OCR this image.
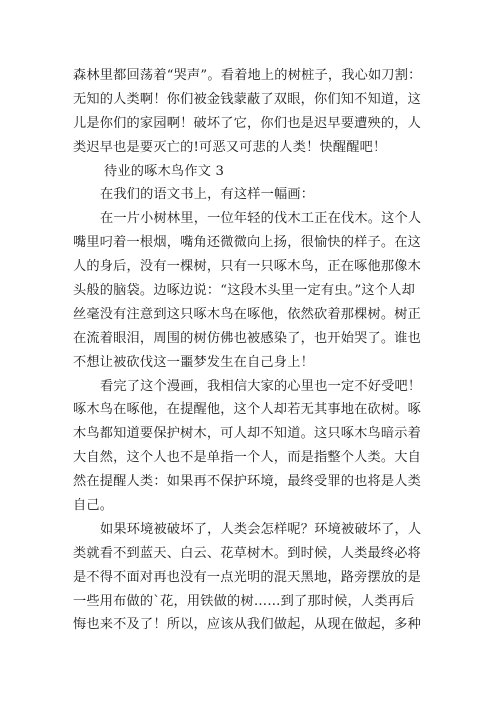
森林里都回荡着“哭声”。看着地上的树桩子，我心如刀割：
无知的人类啊！你们被金钱蒙蔽了双眼，你们知不知道，这
儿是你们的家园啊！破坏了它，你们也是迟早要遭殃的，人
类迟早也是要灭亡的!可恶又可悲的人类！快醒醒吧！
待业的啄木鸟作文 3
在我们的语文书上，有这样一幅画：
在一片小树林里，一位年轻的伐木工正在伐木。这个人
嘴里叼着一根烟，嘴角还微微向上扬，很愉快的样子。在这
人的身后，没有一棵树，只有一只啄木鸟，正在啄他那像木
头般的脑袋。边啄边说：“这段木头里一定有虫。”这个人却
丝毫没有注意到这只啄木鸟在啄他，依然砍着那棵树。树正
在流着眼泪，周围的树仿佛也被感染了，也开始哭了。谁也
不想让被砍伐这一噩梦发生在自己身上！
看完了这个漫画，我相信大家的心里也一定不好受吧！
啄木鸟在啄他，在提醒他，这个人却若无其事地在砍树。啄
木鸟都知道要保护树木，可人却不知道。这只啄木鸟暗示着
大自然，这个人也不是单指一个人，而是指整个人类。大自
然在提醒人类：如果再不保护环境，最终受罪的也将是人类
自己。
如果环境被破坏了，人类会怎样呢？环境被破坏了，人
类就看不到蓝天、白云、花草树木。到时候，人类最终必将
是不得不面对再也没有一点光明的混天黑地，路旁摆放的是
一些用布做的`花，用铁做的树……到了那时候，人类再后
悔也来不及了！所以，应该从我们做起，从现在做起，多种
